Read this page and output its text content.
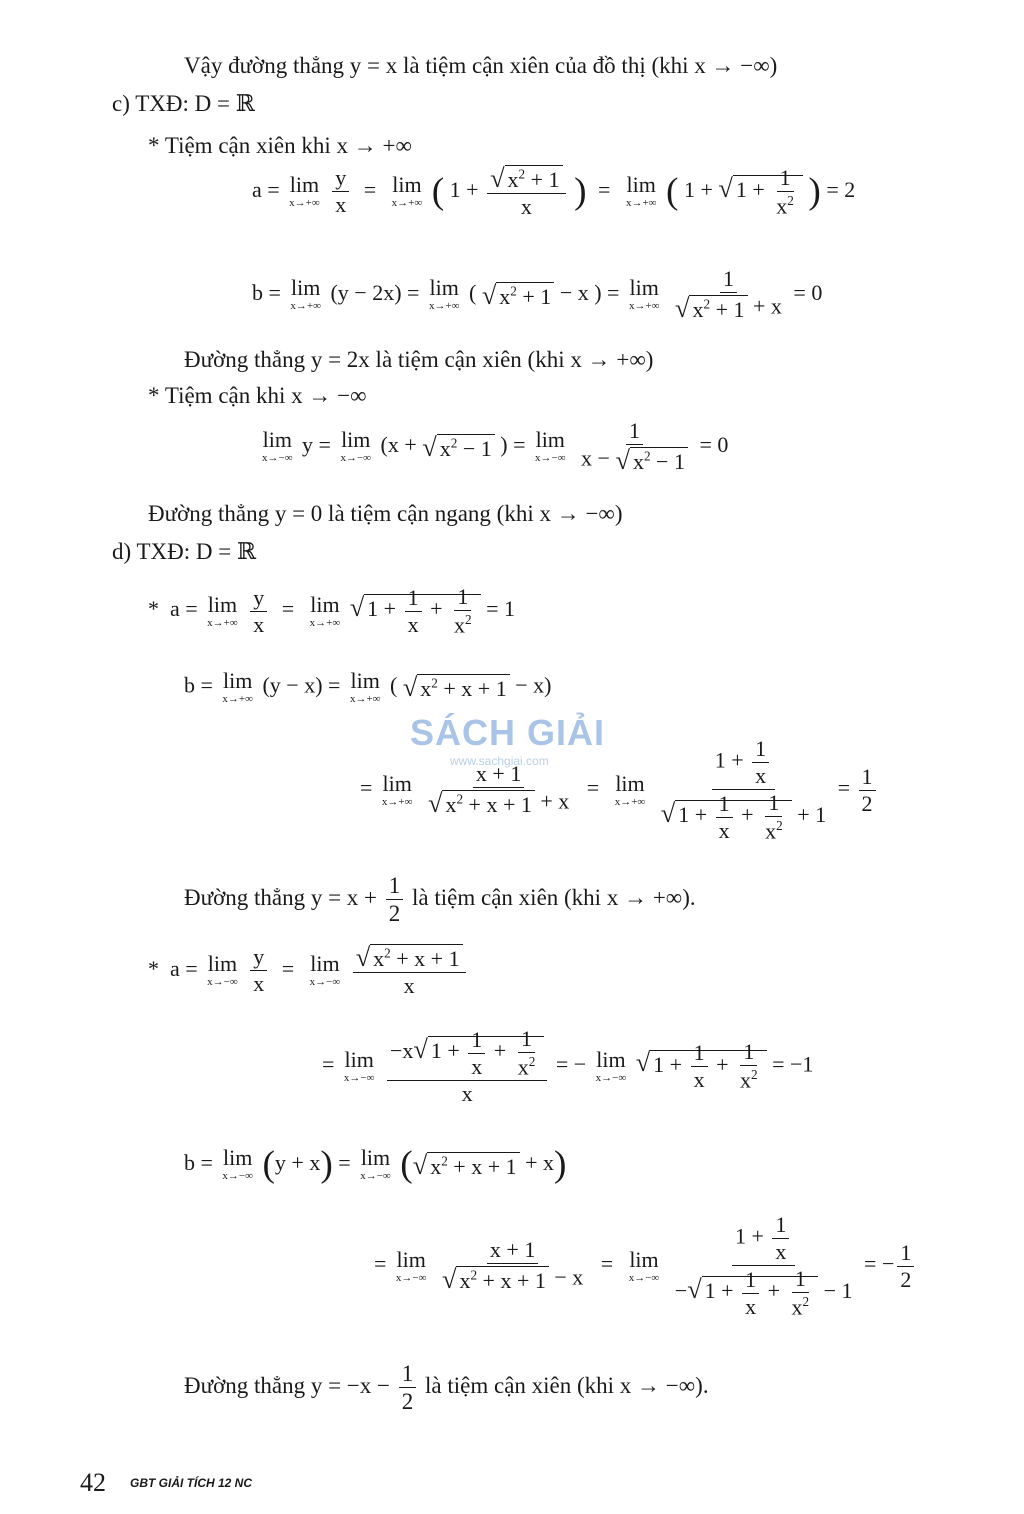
Vậy đường thẳng y = x là tiệm cận xiên của đồ thị (khi x → −∞)
c) TXĐ: D = ℝ
* Tiệm cận xiên khi x → +∞
a = lim
x→+∞
$\frac{y}{x} = \lim$
x→+∞ ( $1 + \frac{√ x^2 + 1}{x}$ ) = lim
x→+∞ ( 1 + √ $1 + \frac{1}{x^2}$ ) = 2
b = lim
x→+∞
(y − 2x) = lim
x→+∞
( √ $x^2 + 1 - x$ ) = lim
x→+∞
$\frac{1}{√ x^2 + 1 + x} = 0$
Đường thẳng y = 2x là tiệm cận xiên (khi x → +∞)
* Tiệm cận khi x → −∞
lim
x→−∞
y = lim
x→−∞
(x + √ $x^2 - 1$ ) = lim
x→−∞
$\frac{1}{x - √ x^2 - 1} = 0$
Đường thẳng y = 0 là tiệm cận ngang (khi x → −∞)
d) TXĐ: D = ℝ
*  a = lim
x→+∞
$\frac{y}{x} = \lim$
x→+∞
√ $1 + \frac{1}{x} + \frac{1}{x^2} = 1$
b = lim
x→+∞
(y − x) = lim
x→+∞
( √ $x^2 + x + 1 - x$)
= lim
x→+∞
$\frac{x + 1}{√ x^2 + x + 1 + x} = \lim$
x→+∞
$\frac{1 + \frac{1}{x}}{√ 1 + \frac{1}{x} + \frac{1}{x^2} + 1} = \frac{1}{2}$
Đường thẳng $y = x + \frac{1}{2}$ là tiệm cận xiên (khi x → +∞).
*  a = lim
x→−∞
$\frac{y}{x} = \lim$
x→−∞
$\frac{√ x^2 + x + 1}{x}$
= lim
x→−∞
$\frac{-x√ 1 + \frac{1}{x} + \frac{1}{x^2}}{x}$ = − lim
x→−∞
√ $1 + \frac{1}{x} + \frac{1}{x^2} = -1$
b = lim
x→−∞ (y + x) = lim
x→−∞ (√ $x^2 + x + 1 + x$)
= lim
x→−∞
$\frac{x + 1}{√ x^2 + x + 1 - x} = \lim$
x→−∞
$\frac{1 + \frac{1}{x}}{-√ 1 + \frac{1}{x} + \frac{1}{x^2} - 1}$ = − $\frac{1}{2}$
Đường thẳng $y = -x - \frac{1}{2}$ là tiệm cận xiên (khi x → −∞).
SÁCH GIẢI
www.sachgiai.com
42 GBT GIẢI TÍCH 12 NC
